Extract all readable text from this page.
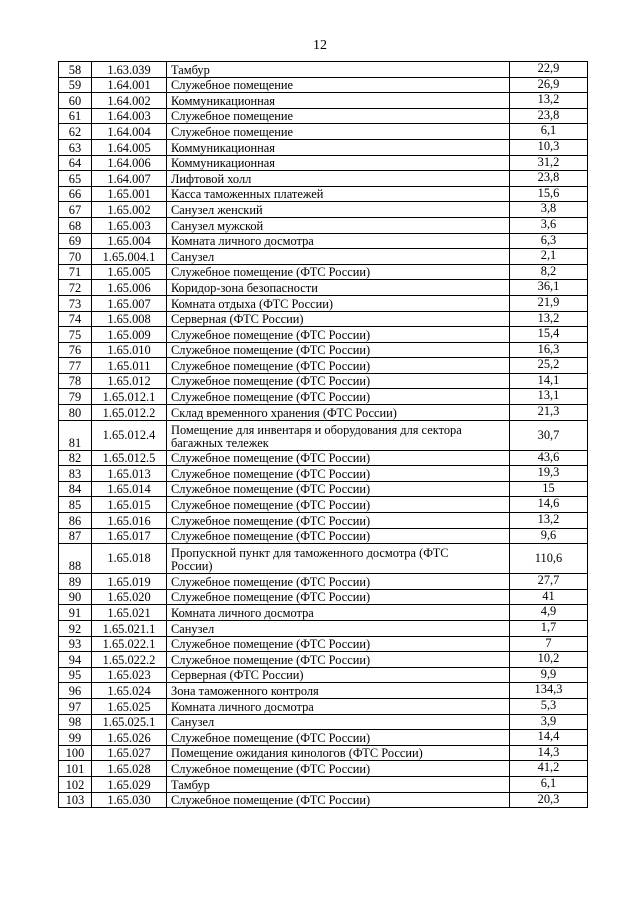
12
58	1.63.039	Тамбур	22,9
59	1.64.001	Служебное помещение	26,9
60	1.64.002	Коммуникационная	13,2
61	1.64.003	Служебное помещение	23,8
62	1.64.004	Служебное помещение	6,1
63	1.64.005	Коммуникационная	10,3
64	1.64.006	Коммуникационная	31,2
65	1.64.007	Лифтовой холл	23,8
66	1.65.001	Касса таможенных платежей	15,6
67	1.65.002	Санузел женский	3,8
68	1.65.003	Санузел мужской	3,6
69	1.65.004	Комната личного досмотра	6,3
70	1.65.004.1	Санузел	2,1
71	1.65.005	Служебное помещение (ФТС России)	8,2
72	1.65.006	Коридор-зона безопасности	36,1
73	1.65.007	Комната отдыха (ФТС России)	21,9
74	1.65.008	Серверная (ФТС России)	13,2
75	1.65.009	Служебное помещение (ФТС России)	15,4
76	1.65.010	Служебное помещение (ФТС России)	16,3
77	1.65.011	Служебное помещение (ФТС России)	25,2
78	1.65.012	Служебное помещение (ФТС России)	14,1
79	1.65.012.1	Служебное помещение (ФТС России)	13,1
80	1.65.012.2	Склад временного хранения (ФТС России)	21,3
81	1.65.012.4	Помещение для инвентаря и оборудования для сектора
багажных тележек	30,7
82	1.65.012.5	Служебное помещение (ФТС России)	43,6
83	1.65.013	Служебное помещение (ФТС России)	19,3
84	1.65.014	Служебное помещение (ФТС России)	15
85	1.65.015	Служебное помещение (ФТС России)	14,6
86	1.65.016	Служебное помещение (ФТС России)	13,2
87	1.65.017	Служебное помещение (ФТС России)	9,6
88	1.65.018	Пропускной пункт для таможенного досмотра (ФТС
России)	110,6
89	1.65.019	Служебное помещение (ФТС России)	27,7
90	1.65.020	Служебное помещение (ФТС России)	41
91	1.65.021	Комната личного досмотра	4,9
92	1.65.021.1	Санузел	1,7
93	1.65.022.1	Служебное помещение (ФТС России)	7
94	1.65.022.2	Служебное помещение (ФТС России)	10,2
95	1.65.023	Серверная (ФТС России)	9,9
96	1.65.024	Зона таможенного контроля	134,3
97	1.65.025	Комната личного досмотра	5,3
98	1.65.025.1	Санузел	3,9
99	1.65.026	Служебное помещение (ФТС России)	14,4
100	1.65.027	Помещение ожидания кинологов (ФТС России)	14,3
101	1.65.028	Служебное помещение (ФТС России)	41,2
102	1.65.029	Тамбур	6,1
103	1.65.030	Служебное помещение (ФТС России)	20,3
